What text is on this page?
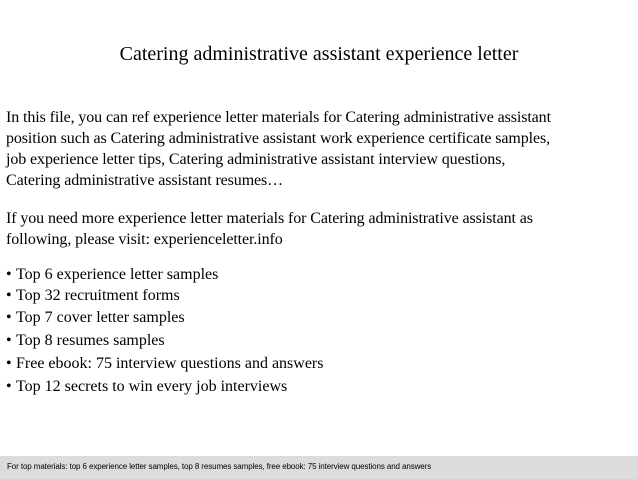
Catering administrative assistant experience letter
In this file, you can ref experience letter materials for Catering administrative assistant
position such as Catering administrative assistant work experience certificate samples,
job experience letter tips, Catering administrative assistant interview questions,
Catering administrative assistant resumes…
If you need more experience letter materials for Catering administrative assistant as
following, please visit: experienceletter.info
• Top 6 experience letter samples
• Top 32 recruitment forms
• Top 7 cover letter samples
• Top 8 resumes samples
• Free ebook: 75 interview questions and answers
• Top 12 secrets to win every job interviews
For top materials: top 6 experience letter samples, top 8 resumes samples, free ebook: 75 interview questions and answers
